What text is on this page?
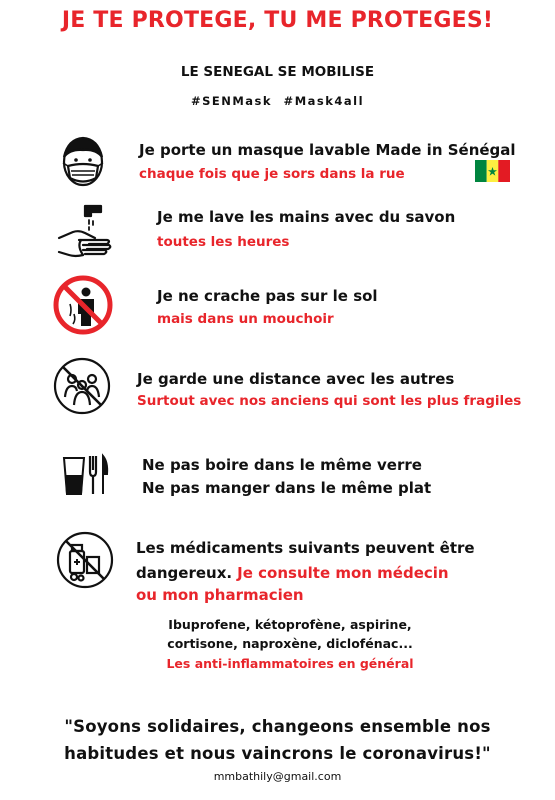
JE TE PROTEGE, TU ME PROTEGES!
LE SENEGAL SE MOBILISE
#SENMask #Mask4all
Je porte un masque lavable Made in Sénégal
chaque fois que je sors dans la rue
Je me lave les mains avec du savon
toutes les heures
Je ne crache pas sur le sol
mais dans un mouchoir
Je garde une distance avec les autres
Surtout avec nos anciens qui sont les plus fragiles
Ne pas boire dans le même verre
Ne pas manger dans le même plat
Les médicaments suivants peuvent être
dangereux. Je consulte mon médecin
ou mon pharmacien
Ibuprofene, kétoprofène, aspirine,
cortisone, naproxène, diclofénac...
Les anti-inflammatoires en général
"Soyons solidaires, changeons ensemble nos
habitudes et nous vaincrons le coronavirus!"
mmbathily@gmail.com
